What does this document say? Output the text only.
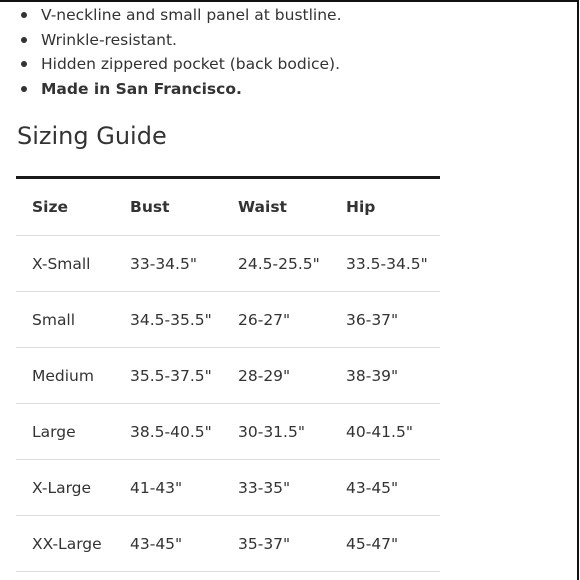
V-neckline and small panel at bustline.
Wrinkle-resistant.
Hidden zippered pocket (back bodice).
Made in San Francisco.
Sizing Guide
Size	Bust	Waist	Hip
X-Small	33-34.5"	24.5-25.5"	33.5-34.5"
Small	34.5-35.5"	26-27"	36-37"
Medium	35.5-37.5"	28-29"	38-39"
Large	38.5-40.5"	30-31.5"	40-41.5"
X-Large	41-43"	33-35"	43-45"
XX-Large	43-45"	35-37"	45-47"
